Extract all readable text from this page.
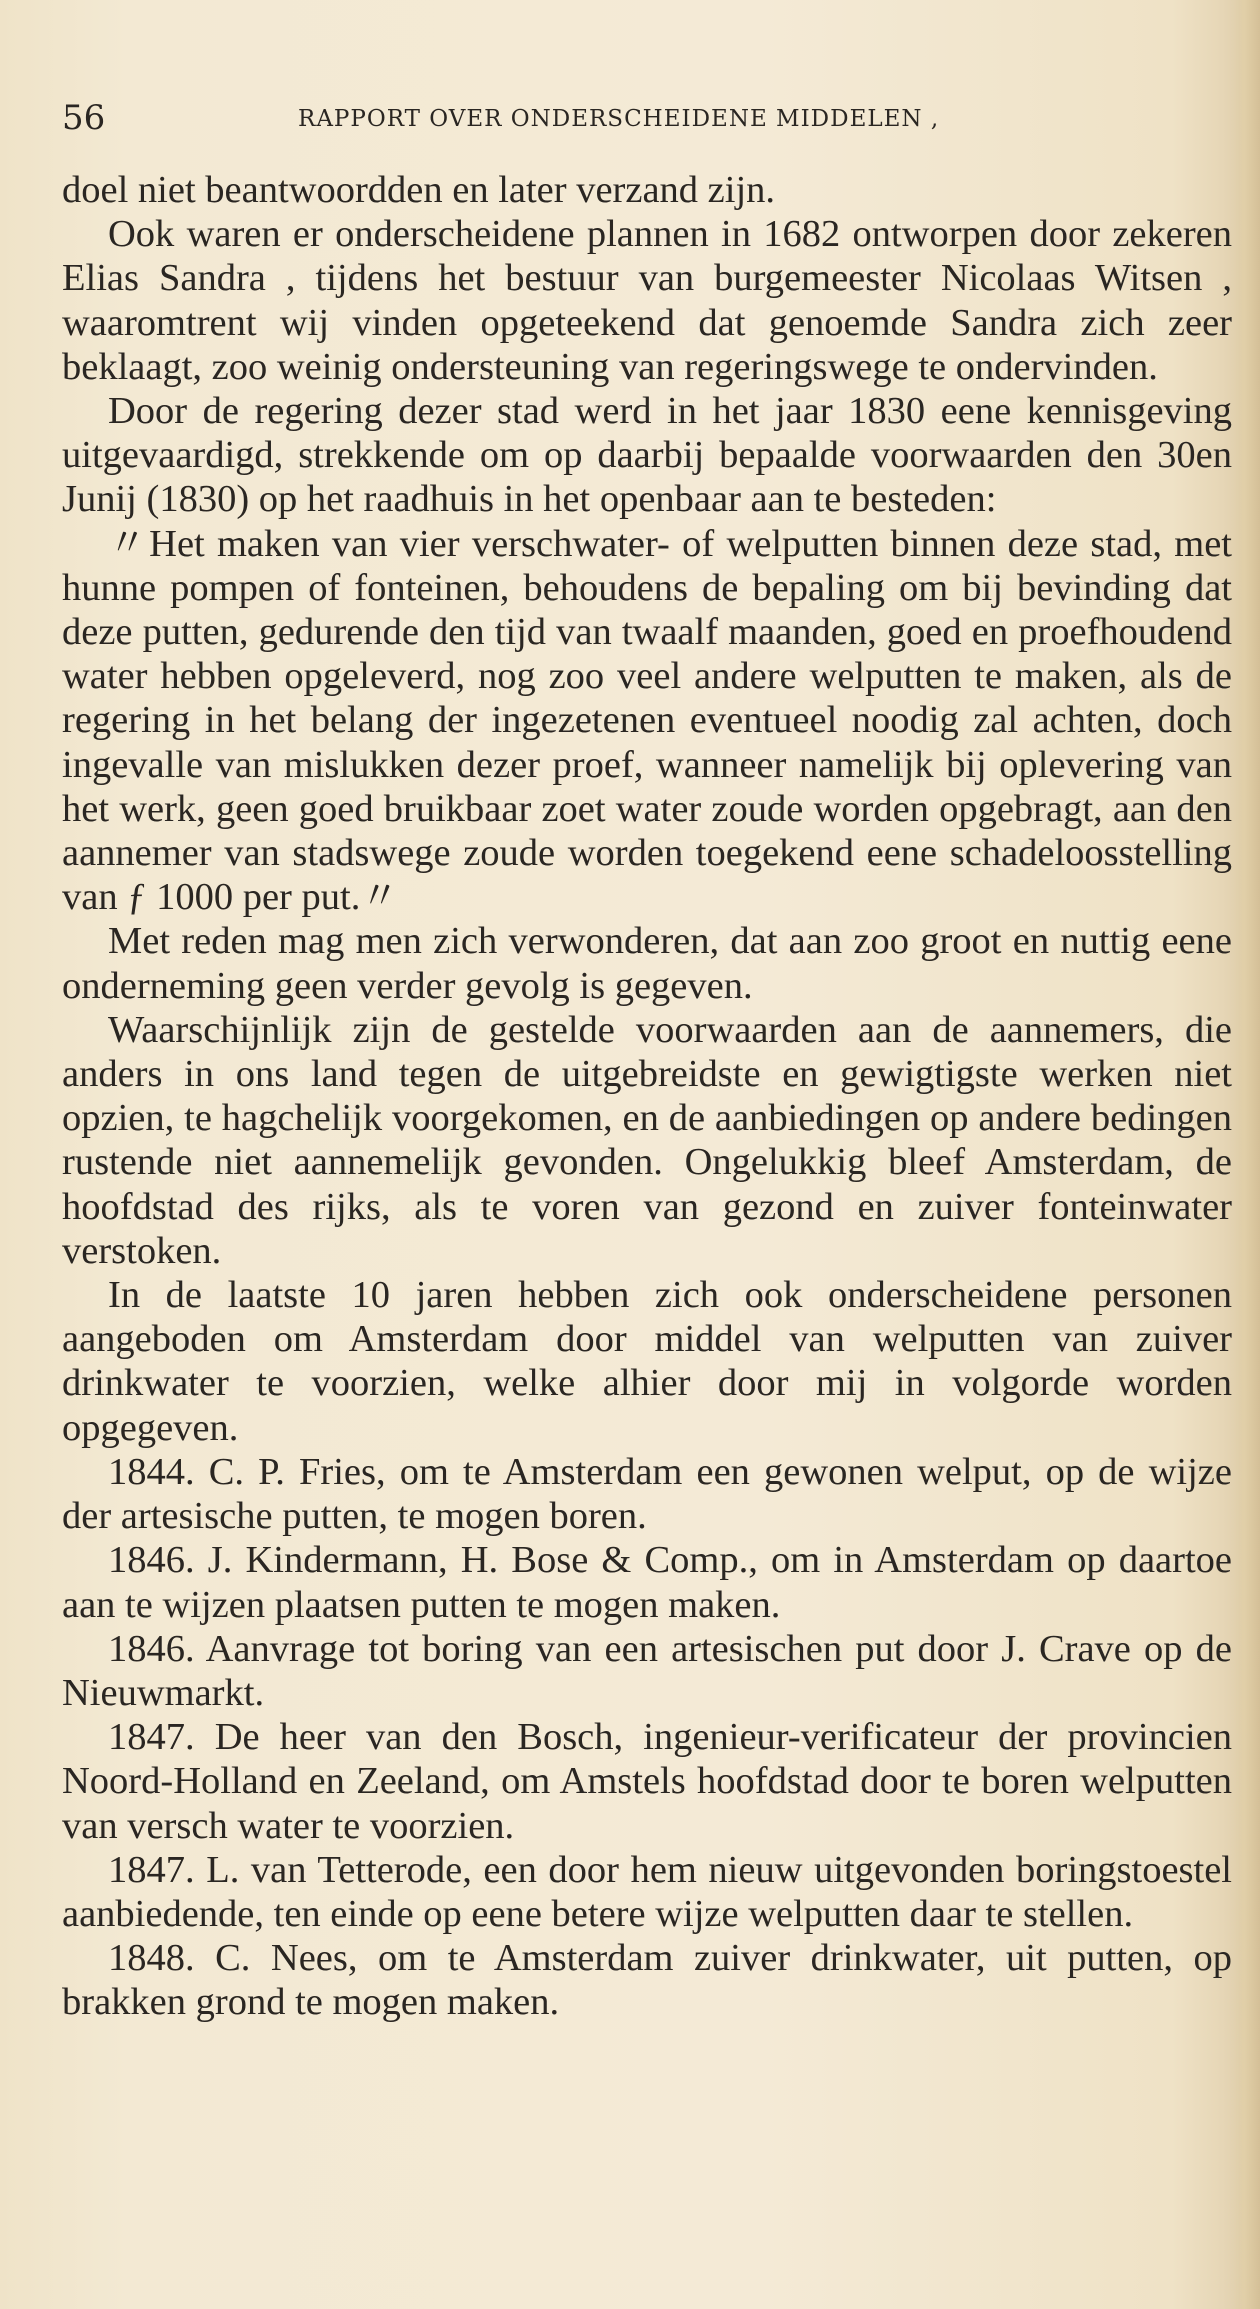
56	RAPPORT OVER ONDERSCHEIDENE MIDDELEN ,

doel niet beantwoordden en later verzand zijn.

Ook waren er onderscheidene plannen in 1682 ontworpen door zekeren Elias Sandra , tijdens het bestuur van burgemeester Nicolaas Witsen , waaromtrent wij vinden opgeteekend dat genoemde Sandra zich zeer beklaagt, zoo weinig ondersteuning van regeringswege te ondervinden.

Door de regering dezer stad werd in het jaar 1830 eene kennisgeving uitgevaardigd, strekkende om op daarbij bepaalde voorwaarden den 30en Junij (1830) op het raadhuis in het openbaar aan te besteden:

〃Het maken van vier verschwater- of welputten binnen deze stad, met hunne pompen of fonteinen, behoudens de bepaling om bij bevinding dat deze putten, gedurende den tijd van twaalf maanden, goed en proefhoudend water hebben opgeleverd, nog zoo veel andere welputten te maken, als de regering in het belang der ingezetenen eventueel noodig zal achten, doch ingevalle van mislukken dezer proef, wanneer namelijk bij oplevering van het werk, geen goed bruikbaar zoet water zoude worden opgebragt, aan den aannemer van stadswege zoude worden toegekend eene schadeloosstelling van ƒ 1000 per put.〃

Met reden mag men zich verwonderen, dat aan zoo groot en nuttig eene onderneming geen verder gevolg is gegeven.

Waarschijnlijk zijn de gestelde voorwaarden aan de aannemers, die anders in ons land tegen de uitgebreidste en gewigtigste werken niet opzien, te hagchelijk voorgekomen, en de aanbiedingen op andere bedingen rustende niet aannemelijk gevonden. Ongelukkig bleef Amsterdam, de hoofdstad des rijks, als te voren van gezond en zuiver fonteinwater verstoken.

In de laatste 10 jaren hebben zich ook onderscheidene personen aangeboden om Amsterdam door middel van welputten van zuiver drinkwater te voorzien, welke alhier door mij in volgorde worden opgegeven.

1844. C. P. Fries, om te Amsterdam een gewonen welput, op de wijze der artesische putten, te mogen boren.

1846. J. Kindermann, H. Bose & Comp., om in Amsterdam op daartoe aan te wijzen plaatsen putten te mogen maken.

1846. Aanvrage tot boring van een artesischen put door J. Crave op de Nieuwmarkt.

1847. De heer van den Bosch, ingenieur-verificateur der provincien Noord-Holland en Zeeland, om Amstels hoofdstad door te boren welputten van versch water te voorzien.

1847. L. van Tetterode, een door hem nieuw uitgevonden boringstoestel aanbiedende, ten einde op eene betere wijze welputten daar te stellen.

1848. C. Nees, om te Amsterdam zuiver drinkwater, uit putten, op brakken grond te mogen maken.
